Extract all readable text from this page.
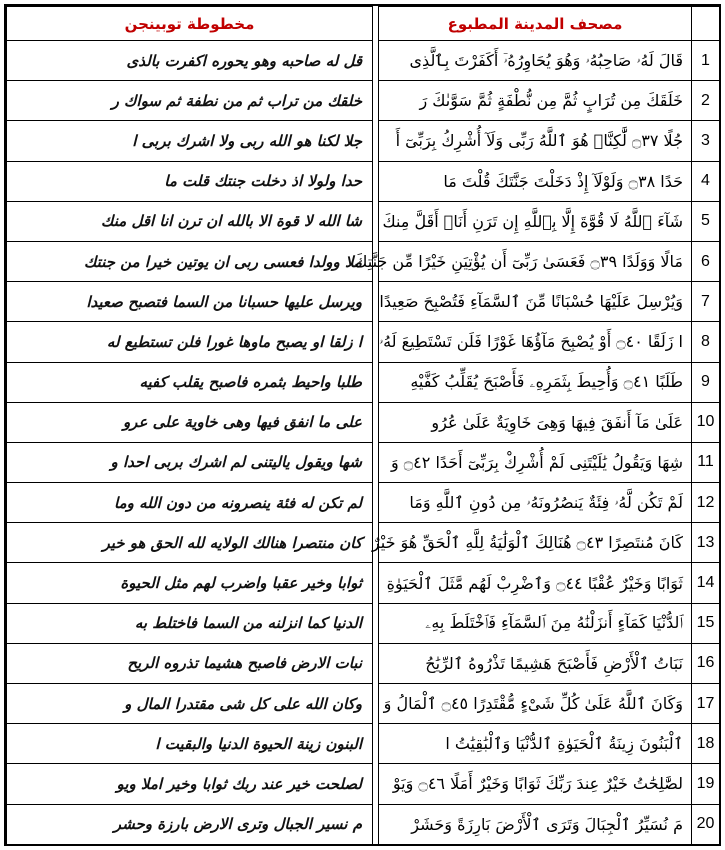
مخطوطة توبينجن		مصحف المدينة المطبوع	
قل له صاحبه وهو يحوره اكفرت بالذى		قَالَ لَهُۥ صَاحِبُهُۥ وَهُوَ يُحَاوِرُهُۥٓ أَكَفَرْتَ بِٱلَّذِى	1
خلقك من تراب ثم من نطفة ثم سواك ر		خَلَقَكَ مِن تُرَابٍ ثُمَّ مِن نُّطْفَةٍ ثُمَّ سَوَّىٰكَ رَ	2
جلا لكنا هو الله ربى ولا اشرك بربى ا		جُلًا ۝٣٧ لَّٰكِنَّا۠ هُوَ ٱللَّهُ رَبِّى وَلَآ أُشْرِكُ بِرَبِّىٓ أَ	3
حدا ولولا اذ دخلت جنتك قلت ما		حَدًا ۝٣٨ وَلَوْلَآ إِذْ دَخَلْتَ جَنَّتَكَ قُلْتَ مَا	4
شا الله لا قوة الا بالله ان ترن انا اقل منك		شَآءَ ٱللَّهُ لَا قُوَّةَ إِلَّا بِٱللَّهِ إِن تَرَنِ أَنَا۠ أَقَلَّ مِنكَ	5
ملا وولدا فعسى ربى ان يوتين خيرا من جنتك		مَالًا وَوَلَدًا ۝٣٩ فَعَسَىٰ رَبِّىٓ أَن يُؤْتِيَنِ خَيْرًا مِّن جَنَّتِكَ	6
ويرسل عليها حسبانا من السما فتصبح صعيدا		وَيُرْسِلَ عَلَيْهَا حُسْبَانًا مِّنَ ٱلسَّمَآءِ فَتُصْبِحَ صَعِيدًا	7
ا زلقا او يصبح ماوها غورا فلن تستطيع له		ا زَلَقًا ۝٤٠ أَوْ يُصْبِحَ مَآؤُهَا غَوْرًا فَلَن تَسْتَطِيعَ لَهُۥ	8
طلبا واحيط بثمره فاصبح يقلب كفيه		طَلَبًا ۝٤١ وَأُحِيطَ بِثَمَرِهِۦ فَأَصْبَحَ يُقَلِّبُ كَفَّيْهِ	9
على ما انفق فيها وهى خاوية على عرو		عَلَىٰ مَآ أَنفَقَ فِيهَا وَهِىَ خَاوِيَةٌ عَلَىٰ عُرُو	10
شها ويقول ياليتنى لم اشرك بربى احدا و		شِهَا وَيَقُولُ يَٰلَيْتَنِى لَمْ أُشْرِكْ بِرَبِّىٓ أَحَدًا ۝٤٢ وَ	11
لم تكن له فئة ينصرونه من دون الله وما		لَمْ تَكُن لَّهُۥ فِئَةٌ يَنصُرُونَهُۥ مِن دُونِ ٱللَّهِ وَمَا	12
كان منتصرا هنالك الولايه لله الحق هو خير		كَانَ مُنتَصِرًا ۝٤٣ هُنَالِكَ ٱلْوَلَٰيَةُ لِلَّهِ ٱلْحَقِّ هُوَ خَيْرٌ	13
ثوابا وخير عقبا واضرب لهم مثل الحيوة		ثَوَابًا وَخَيْرٌ عُقْبًا ۝٤٤ وَٱضْرِبْ لَهُم مَّثَلَ ٱلْحَيَوٰةِ	14
الدنيا كما انزلنه من السما فاختلط به		ٱلدُّنْيَا كَمَآءٍ أَنزَلْنَٰهُ مِنَ ٱلسَّمَآءِ فَٱخْتَلَطَ بِهِۦ	15
نبات الارض فاصبح هشيما تذروه الريح		نَبَاتُ ٱلْأَرْضِ فَأَصْبَحَ هَشِيمًا تَذْرُوهُ ٱلرِّيَٰحُ	16
وكان الله على كل شى مقتدرا المال و		وَكَانَ ٱللَّهُ عَلَىٰ كُلِّ شَىْءٍ مُّقْتَدِرًا ۝٤٥ ٱلْمَالُ وَ	17
البنون زينة الحيوة الدنيا والبقيت ا		ٱلْبَنُونَ زِينَةُ ٱلْحَيَوٰةِ ٱلدُّنْيَا وَٱلْبَٰقِيَٰتُ ا	18
لصلحت خير عند ربك ثوابا وخير املا ويو		لصَّٰلِحَٰتُ خَيْرٌ عِندَ رَبِّكَ ثَوَابًا وَخَيْرٌ أَمَلًا ۝٤٦ وَيَوْ	19
م نسير الجبال وترى الارض بارزة وحشر		مَ نُسَيِّرُ ٱلْجِبَالَ وَتَرَى ٱلْأَرْضَ بَارِزَةً وَحَشَرْ	20
